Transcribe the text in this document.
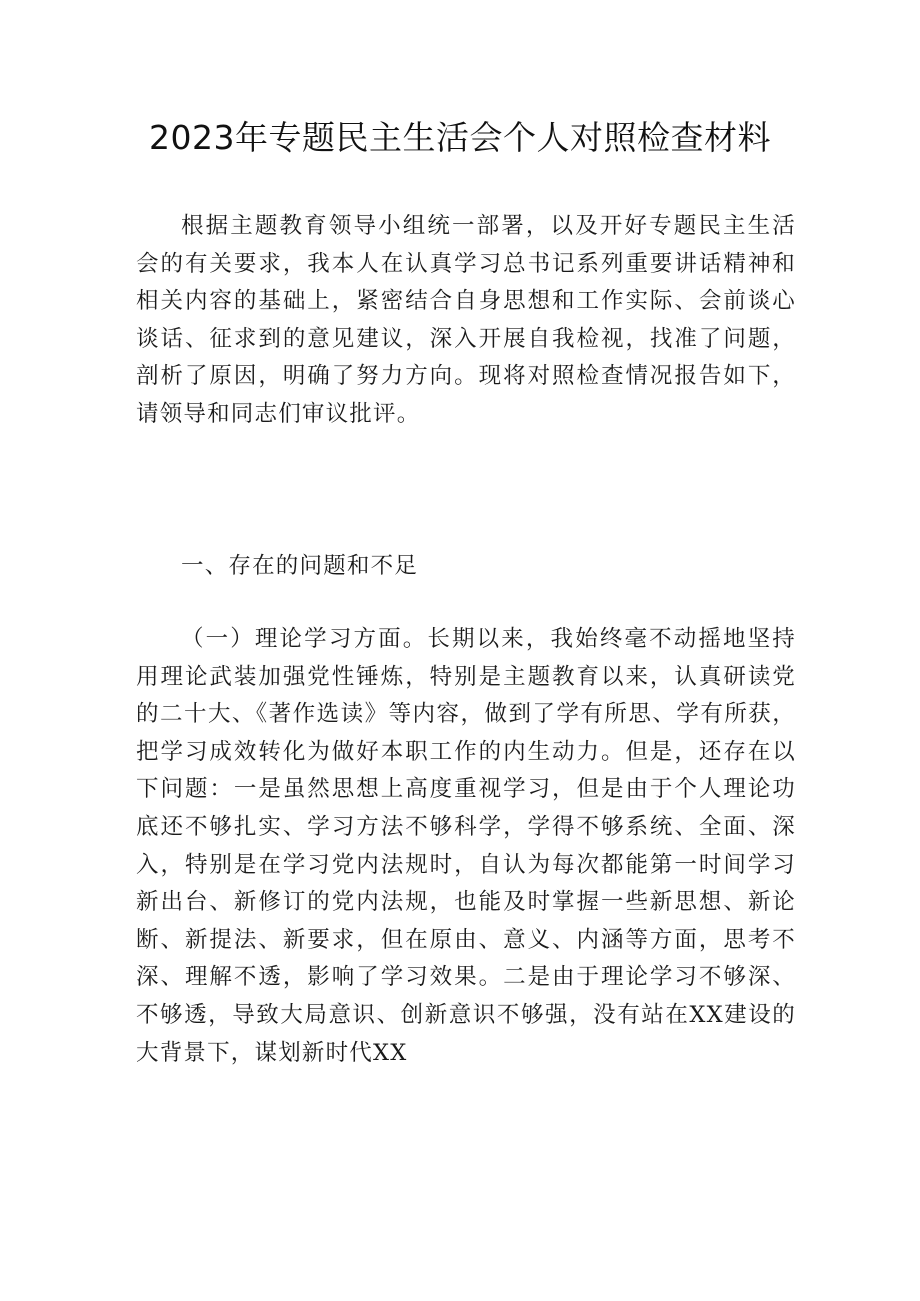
2023年专题民主生活会个人对照检查材料

根据主题教育领导小组统一部署，以及开好专题民主生活会的有关要求，我本人在认真学习总书记系列重要讲话精神和相关内容的基础上，紧密结合自身思想和工作实际、会前谈心谈话、征求到的意见建议，深入开展自我检视，找准了问题，剖析了原因，明确了努力方向。现将对照检查情况报告如下，请领导和同志们审议批评。

一、存在的问题和不足

（一）理论学习方面。长期以来，我始终毫不动摇地坚持用理论武装加强党性锤炼，特别是主题教育以来，认真研读党的二十大、《著作选读》等内容，做到了学有所思、学有所获，把学习成效转化为做好本职工作的内生动力。但是，还存在以下问题：一是虽然思想上高度重视学习，但是由于个人理论功底还不够扎实、学习方法不够科学，学得不够系统、全面、深入，特别是在学习党内法规时，自认为每次都能第一时间学习新出台、新修订的党内法规，也能及时掌握一些新思想、新论断、新提法、新要求，但在原由、意义、内涵等方面，思考不深、理解不透，影响了学习效果。二是由于理论学习不够深、不够透，导致大局意识、创新意识不够强，没有站在XX建设的大背景下，谋划新时代XX
